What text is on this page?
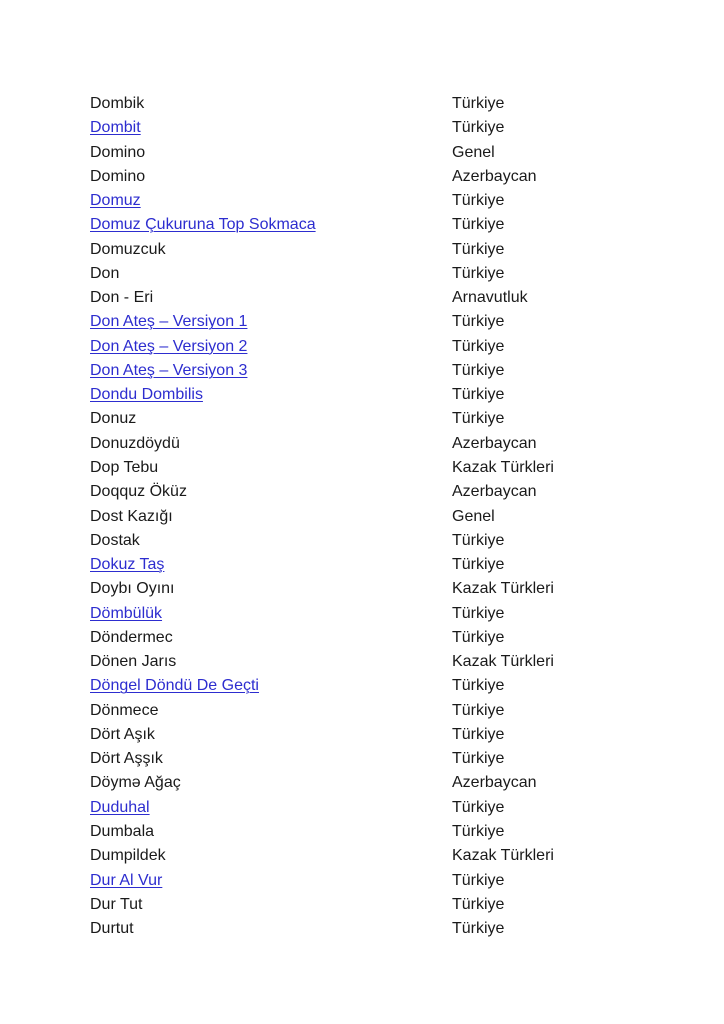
Dombik	Türkiye
Dombit	Türkiye
Domino	Genel
Domino	Azerbaycan
Domuz	Türkiye
Domuz Çukuruna Top Sokmaca	Türkiye
Domuzcuk	Türkiye
Don	Türkiye
Don - Eri	Arnavutluk
Don Ateş – Versiyon 1	Türkiye
Don Ateş – Versiyon 2	Türkiye
Don Ateş – Versiyon 3	Türkiye
Dondu Dombilis	Türkiye
Donuz	Türkiye
Donuzdöydü	Azerbaycan
Dop Tebu	Kazak Türkleri
Doqquz Öküz	Azerbaycan
Dost Kazığı	Genel
Dostak	Türkiye
Dokuz Taş	Türkiye
Doybı Oyını	Kazak Türkleri
Dömbülük	Türkiye
Döndermec	Türkiye
Dönen Jarıs	Kazak Türkleri
Döngel Döndü De Geçti	Türkiye
Dönmece	Türkiye
Dört Aşık	Türkiye
Dört Aşşık	Türkiye
Döymə Ağaç	Azerbaycan
Duduhal	Türkiye
Dumbala	Türkiye
Dumpildek	Kazak Türkleri
Dur Al Vur	Türkiye
Dur Tut	Türkiye
Durtut	Türkiye
